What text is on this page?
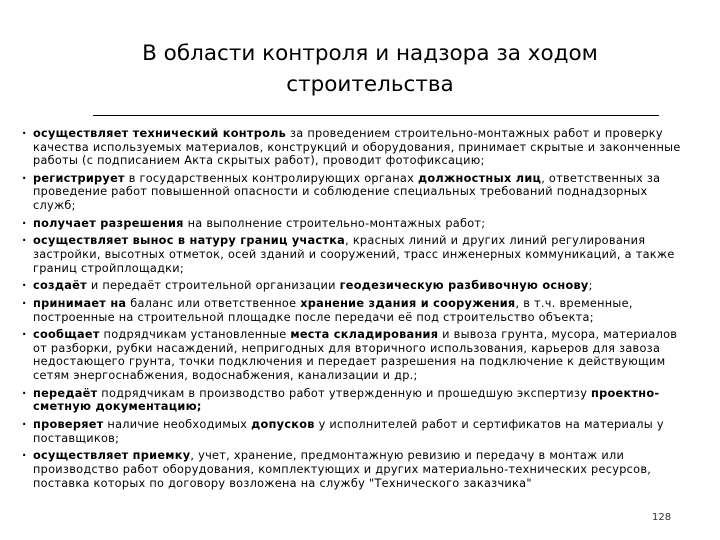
В области контроля и надзора за ходом
строительства
· осуществляет технический контроль за проведением строительно-монтажных работ и проверку качества используемых материалов, конструкций и оборудования, принимает скрытые и законченные работы (с подписанием Акта скрытых работ), проводит фотофиксацию;
· регистрирует в государственных контролирующих органах должностных лиц, ответственных за проведение работ повышенной опасности и соблюдение специальных требований поднадзорных служб;
· получает разрешения на выполнение строительно-монтажных работ;
· осуществляет вынос в натуру границ участка, красных линий и других линий регулирования застройки, высотных отметок, осей зданий и сооружений, трасс инженерных коммуникаций, а также границ стройплощадки;
· создаёт и передаёт строительной организации геодезическую разбивочную основу;
· принимает на баланс или ответственное хранение здания и сооружения, в т.ч. временные, построенные на строительной площадке после передачи её под строительство объекта;
· сообщает подрядчикам установленные места складирования и вывоза грунта, мусора, материалов от разборки, рубки насаждений, непригодных для вторичного использования, карьеров для завоза недостающего грунта, точки подключения и передает разрешения на подключение к действующим сетям энергоснабжения, водоснабжения, канализации и др.;
· передаёт подрядчикам в производство работ утвержденную и прошедшую экспертизу проектно-сметную документацию;
· проверяет наличие необходимых допусков у исполнителей работ и сертификатов на материалы у поставщиков;
· осуществляет приемку, учет, хранение, предмонтажную ревизию и передачу в монтаж или производство работ оборудования, комплектующих и других материально-технических ресурсов, поставка которых по договору возложена на службу "Технического заказчика"
128
